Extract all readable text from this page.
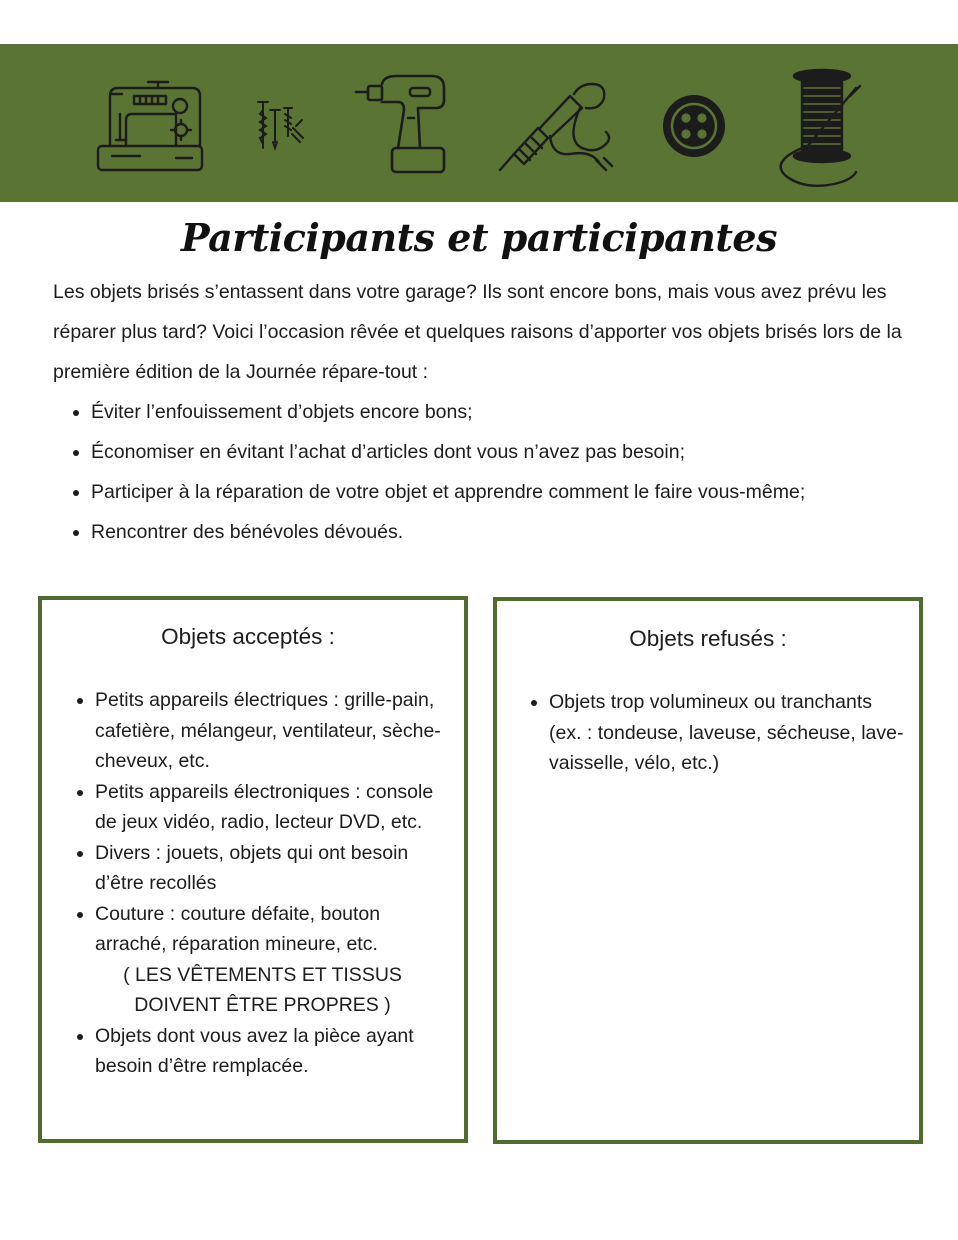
Participants et participantes

Les objets brisés s’entassent dans votre garage? Ils sont encore bons, mais vous avez prévu les réparer plus tard? Voici l’occasion rêvée et quelques raisons d’apporter vos objets brisés lors de la première édition de la Journée répare-tout :

• Éviter l’enfouissement d’objets encore bons;
• Économiser en évitant l’achat d’articles dont vous n’avez pas besoin;
• Participer à la réparation de votre objet et apprendre comment le faire vous-même;
• Rencontrer des bénévoles dévoués.
Objets acceptés :
• Petits appareils électriques : grille-pain, cafetière, mélangeur, ventilateur, sèche-cheveux, etc.
• Petits appareils électroniques : console de jeux vidéo, radio, lecteur DVD, etc.
• Divers : jouets, objets qui ont besoin d’être recollés
• Couture : couture défaite, bouton arraché, réparation mineure, etc.
( LES VÊTEMENTS ET TISSUS DOIVENT ÊTRE PROPRES )
• Objets dont vous avez la pièce ayant besoin d’être remplacée.
Objets refusés :
• Objets trop volumineux ou tranchants (ex. : tondeuse, laveuse, sécheuse, lave-vaisselle, vélo, etc.)
